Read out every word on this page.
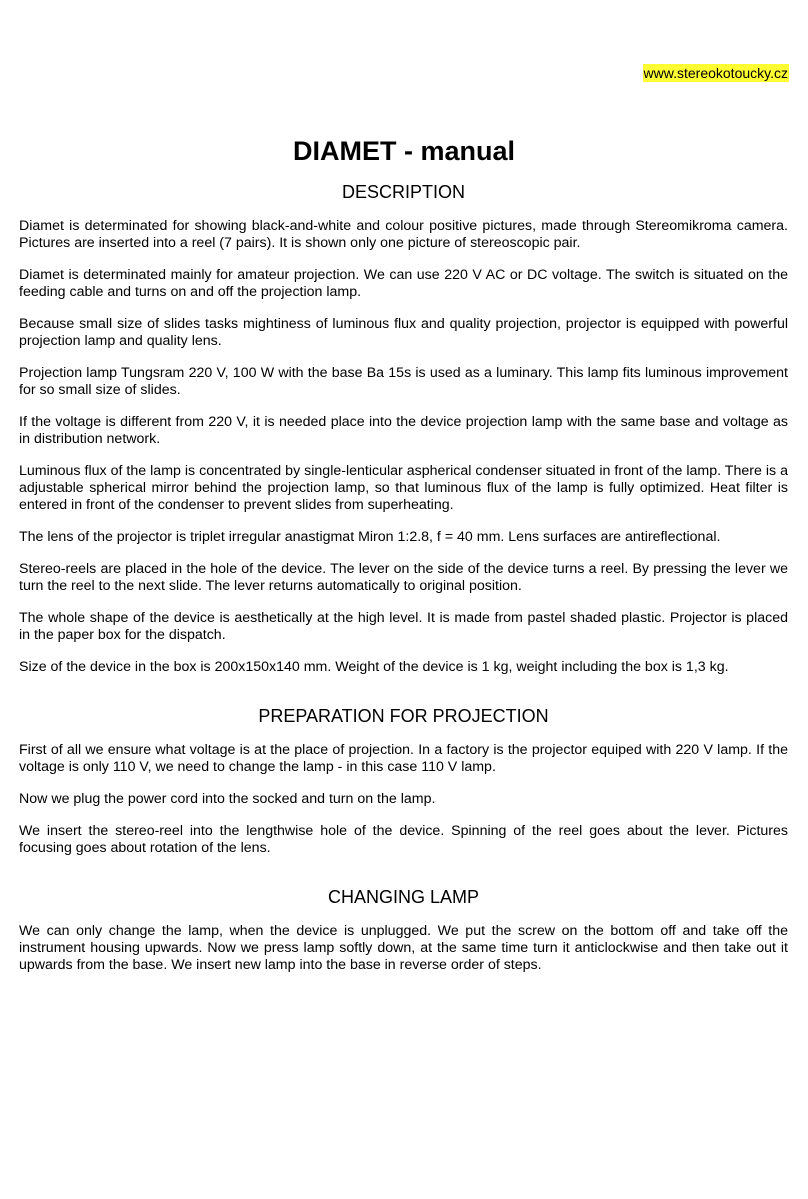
www.stereokotoucky.cz
DIAMET - manual
DESCRIPTION

Diamet is determinated for showing black-and-white and colour positive pictures, made through Stereomikroma camera. Pictures are inserted into a reel (7 pairs). It is shown only one picture of stereoscopic pair.

Diamet is determinated mainly for amateur projection. We can use 220 V AC or DC voltage. The switch is situated on the feeding cable and turns on and off the projection lamp.

Because small size of slides tasks mightiness of luminous flux and quality projection, projector is equipped with powerful projection lamp and quality lens.

Projection lamp Tungsram 220 V, 100 W with the base Ba 15s is used as a luminary. This lamp fits luminous improvement for so small size of slides.

If the voltage is different from 220 V, it is needed place into the device projection lamp with the same base and voltage as in distribution network.

Luminous flux of the lamp is concentrated by single-lenticular aspherical condenser situated in front of the lamp. There is a adjustable spherical mirror behind the projection lamp, so that luminous flux of the lamp is fully optimized. Heat filter is entered in front of the condenser to prevent slides from superheating.

The lens of the projector is triplet irregular anastigmat Miron 1:2.8, f = 40 mm. Lens surfaces are antireflectional.

Stereo-reels are placed in the hole of the device. The lever on the side of the device turns a reel. By pressing the lever we turn the reel to the next slide. The lever returns automatically to original position.

The whole shape of the device is aesthetically at the high level. It is made from pastel shaded plastic. Projector is placed in the paper box for the dispatch.

Size of the device in the box is 200x150x140 mm. Weight of the device is 1 kg, weight including the box is 1,3 kg.

PREPARATION FOR PROJECTION

First of all we ensure what voltage is at the place of projection. In a factory is the projector equiped with 220 V lamp. If the voltage is only 110 V, we need to change the lamp - in this case 110 V lamp.

Now we plug the power cord into the socked and turn on the lamp.

We insert the stereo-reel into the lengthwise hole of the device. Spinning of the reel goes about the lever. Pictures focusing goes about rotation of the lens.

CHANGING LAMP

We can only change the lamp, when the device is unplugged. We put the screw on the bottom off and take off the instrument housing upwards. Now we press lamp softly down, at the same time turn it anticlockwise and then take out it upwards from the base. We insert new lamp into the base in reverse order of steps.
